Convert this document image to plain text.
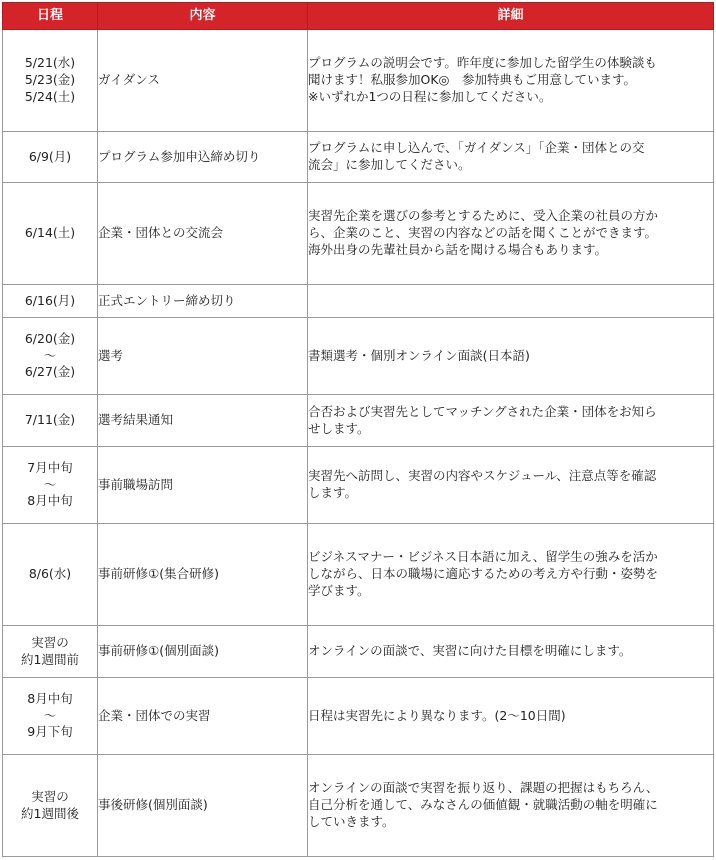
日程	内容	詳細

5/21(水)
5/23(金)
5/24(土)	ガイダンス	プログラムの説明会です。昨年度に参加した留学生の体験談も
聞けます！私服参加OK◎　参加特典もご用意しています。
※いずれか1つの日程に参加してください。

6/9(月)	プログラム参加申込締め切り	プログラムに申し込んで、「ガイダンス」「企業・団体との交
流会」に参加してください。

6/14(土)	企業・団体との交流会	実習先企業を選びの参考とするために、受入企業の社員の方か
ら、企業のこと、実習の内容などの話を聞くことができます。
海外出身の先輩社員から話を聞ける場合もあります。

6/16(月)	正式エントリー締め切り	

6/20(金)
～
6/27(金)	選考	書類選考・個別オンライン面談(日本語)

7/11(金)	選考結果通知	合否および実習先としてマッチングされた企業・団体をお知ら
せします。

7月中旬
～
8月中旬	事前職場訪問	実習先へ訪問し、実習の内容やスケジュール、注意点等を確認
します。

8/6(水)	事前研修①(集合研修)	ビジネスマナー・ビジネス日本語に加え、留学生の強みを活か
しながら、日本の職場に適応するための考え方や行動・姿勢を
学びます。

実習の
約1週間前	事前研修①(個別面談)	オンラインの面談で、実習に向けた目標を明確にします。

8月中旬
～
9月下旬	企業・団体での実習	日程は実習先により異なります。(2～10日間)

実習の
約1週間後	事後研修(個別面談)	オンラインの面談で実習を振り返り、課題の把握はもちろん、
自己分析を通して、みなさんの価値観・就職活動の軸を明確に
していきます。
